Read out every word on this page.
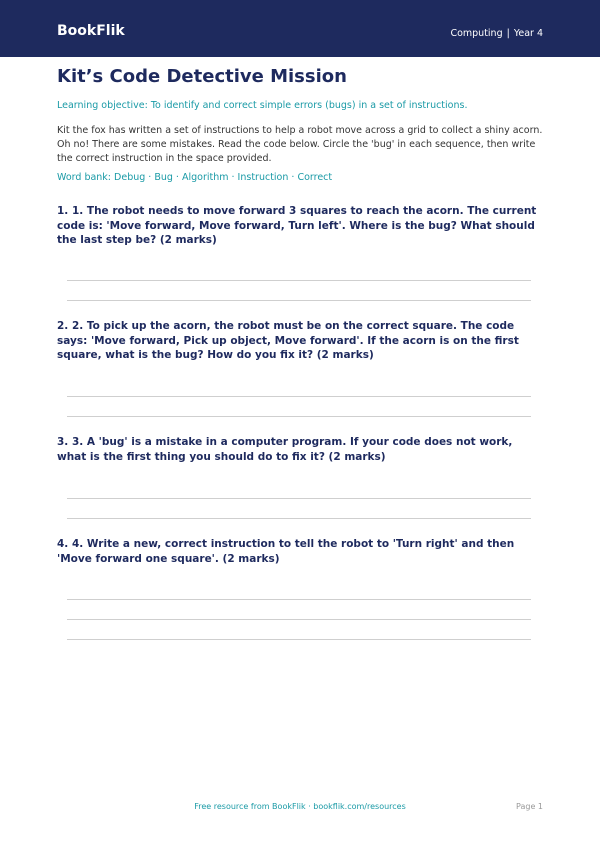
BookFlik	Computing | Year 4
Kit’s Code Detective Mission
Learning objective: To identify and correct simple errors (bugs) in a set of instructions.
Kit the fox has written a set of instructions to help a robot move across a grid to collect a shiny acorn. Oh no! There are some mistakes. Read the code below. Circle the 'bug' in each sequence, then write the correct instruction in the space provided.
Word bank: Debug · Bug · Algorithm · Instruction · Correct
1. 1. The robot needs to move forward 3 squares to reach the acorn. The current code is: 'Move forward, Move forward, Turn left'. Where is the bug? What should the last step be? (2 marks)
2. 2. To pick up the acorn, the robot must be on the correct square. The code says: 'Move forward, Pick up object, Move forward'. If the acorn is on the first square, what is the bug? How do you fix it? (2 marks)
3. 3. A 'bug' is a mistake in a computer program. If your code does not work, what is the first thing you should do to fix it? (2 marks)
4. 4. Write a new, correct instruction to tell the robot to 'Turn right' and then 'Move forward one square'. (2 marks)
Free resource from BookFlik · bookflik.com/resources	Page 1
